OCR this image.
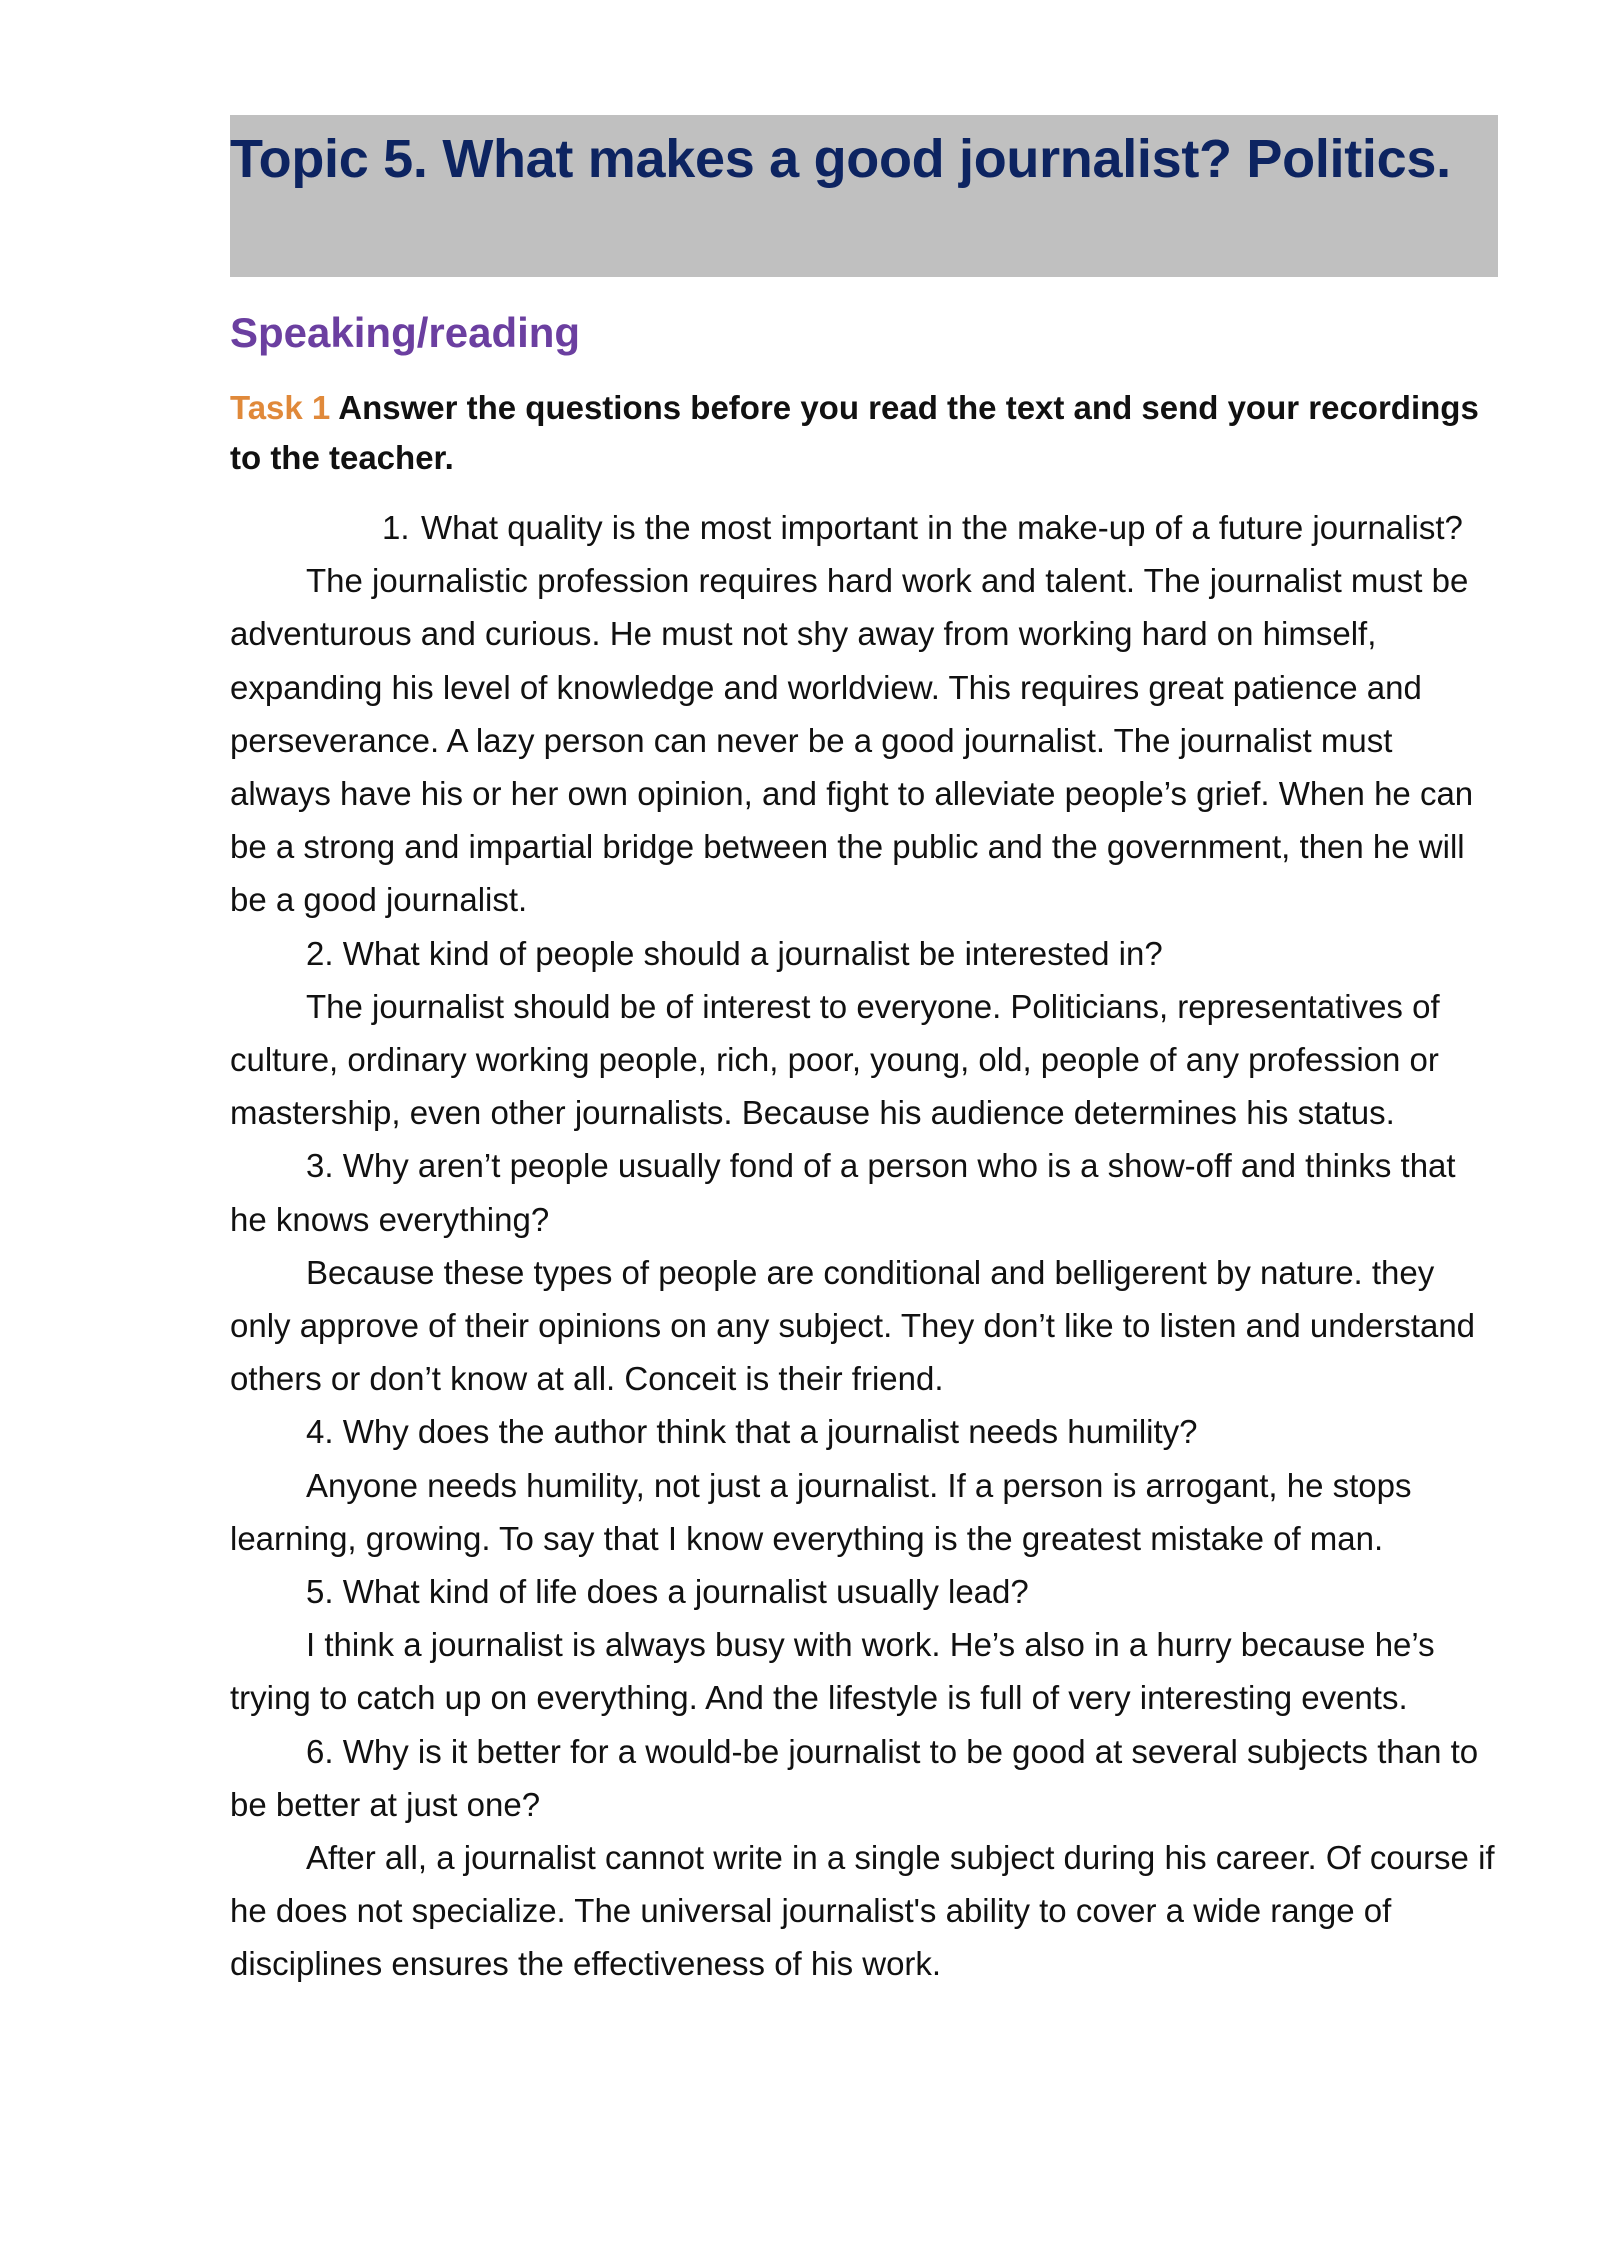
Topic 5. What makes a good journalist? Politics.
Speaking/reading

Task 1 Answer the questions before you read the text and send your recordings to the teacher.

1. What quality is the most important in the make-up of a future journalist?

The journalistic profession requires hard work and talent. The journalist must be adventurous and curious. He must not shy away from working hard on himself, expanding his level of knowledge and worldview. This requires great patience and perseverance. A lazy person can never be a good journalist. The journalist must always have his or her own opinion, and fight to alleviate people’s grief. When he can be a strong and impartial bridge between the public and the government, then he will be a good journalist.

2. What kind of people should a journalist be interested in?

The journalist should be of interest to everyone. Politicians, representatives of culture, ordinary working people, rich, poor, young, old, people of any profession or mastership, even other journalists. Because his audience determines his status.

3. Why aren’t people usually fond of a person who is a show-off and thinks that he knows everything?

Because these types of people are conditional and belligerent by nature. they only approve of their opinions on any subject. They don’t like to listen and understand others or don’t know at all. Conceit is their friend.

4. Why does the author think that a journalist needs humility?

Anyone needs humility, not just a journalist. If a person is arrogant, he stops learning, growing. To say that I know everything is the greatest mistake of man.

5. What kind of life does a journalist usually lead?

I think a journalist is always busy with work. He’s also in a hurry because he’s trying to catch up on everything. And the lifestyle is full of very interesting events.

6. Why is it better for a would-be journalist to be good at several subjects than to be better at just one?

After all, a journalist cannot write in a single subject during his career. Of course if he does not specialize. The universal journalist's ability to cover a wide range of disciplines ensures the effectiveness of his work.
